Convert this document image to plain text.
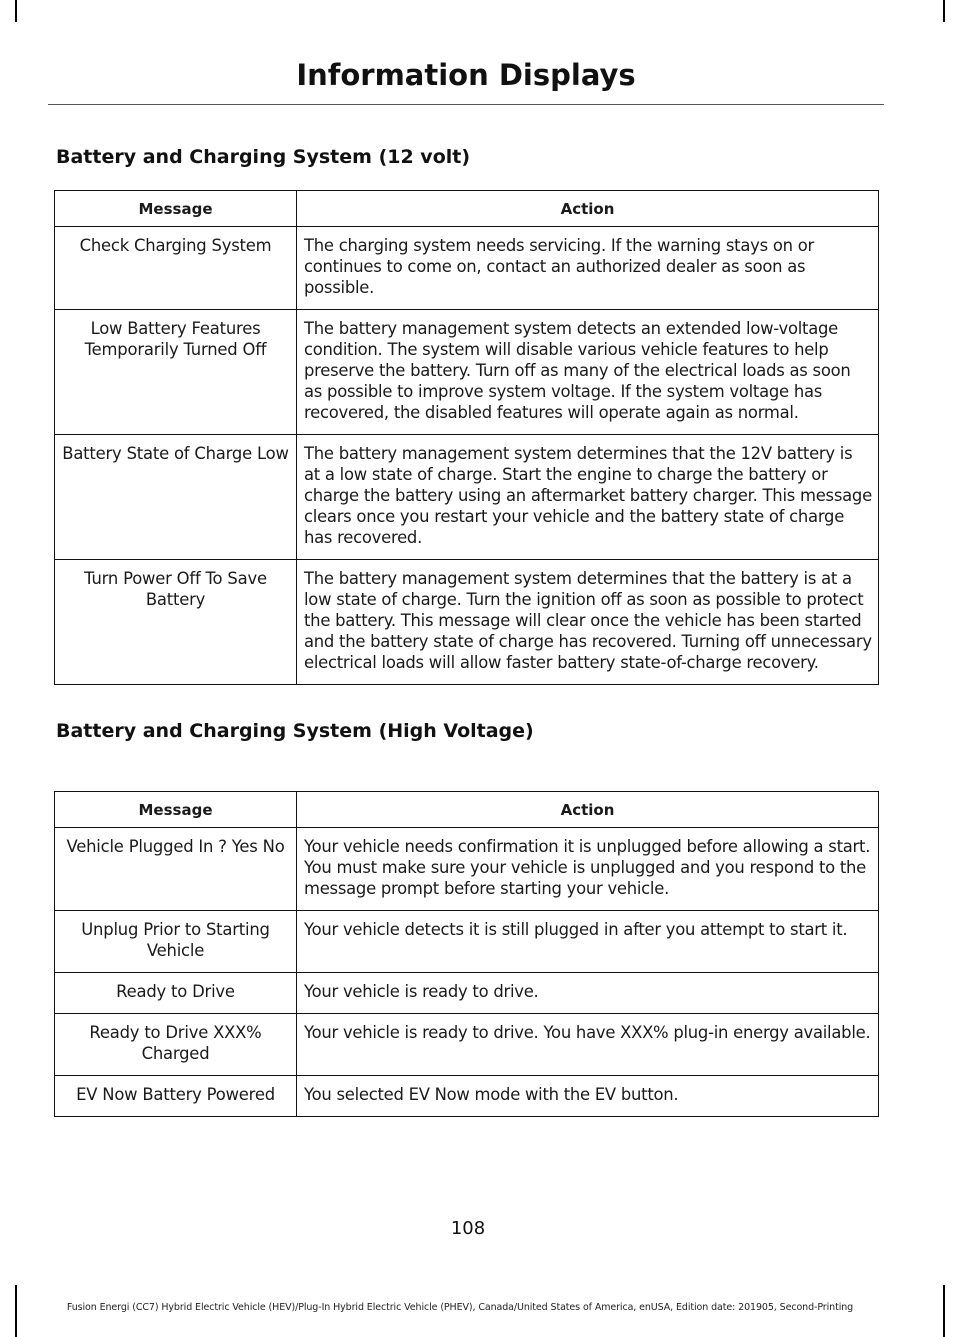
Information Displays
Battery and Charging System (12 volt)
Message	Action
Check Charging System	The charging system needs servicing. If the warning stays on or continues to come on, contact an authorized dealer as soon as possible.
Low Battery Features Temporarily Turned Off	The battery management system detects an extended low-voltage condition. The system will disable various vehicle features to help preserve the battery. Turn off as many of the electrical loads as soon as possible to improve system voltage. If the system voltage has recovered, the disabled features will operate again as normal.
Battery State of Charge Low	The battery management system determines that the 12V battery is at a low state of charge. Start the engine to charge the battery or charge the battery using an aftermarket battery charger. This message clears once you restart your vehicle and the battery state of charge has recovered.
Turn Power Off To Save Battery	The battery management system determines that the battery is at a low state of charge. Turn the ignition off as soon as possible to protect the battery. This message will clear once the vehicle has been started and the battery state of charge has recovered. Turning off unnecessary electrical loads will allow faster battery state-of-charge recovery.
Battery and Charging System (High Voltage)
Message	Action
Vehicle Plugged In ? Yes No	Your vehicle needs confirmation it is unplugged before allowing a start. You must make sure your vehicle is unplugged and you respond to the message prompt before starting your vehicle.
Unplug Prior to Starting Vehicle	Your vehicle detects it is still plugged in after you attempt to start it.
Ready to Drive	Your vehicle is ready to drive.
Ready to Drive XXX% Charged	Your vehicle is ready to drive. You have XXX% plug-in energy available.
EV Now Battery Powered	You selected EV Now mode with the EV button.
108
Fusion Energi (CC7) Hybrid Electric Vehicle (HEV)/Plug-In Hybrid Electric Vehicle (PHEV), Canada/United States of America, enUSA, Edition date: 201905, Second-Printing
